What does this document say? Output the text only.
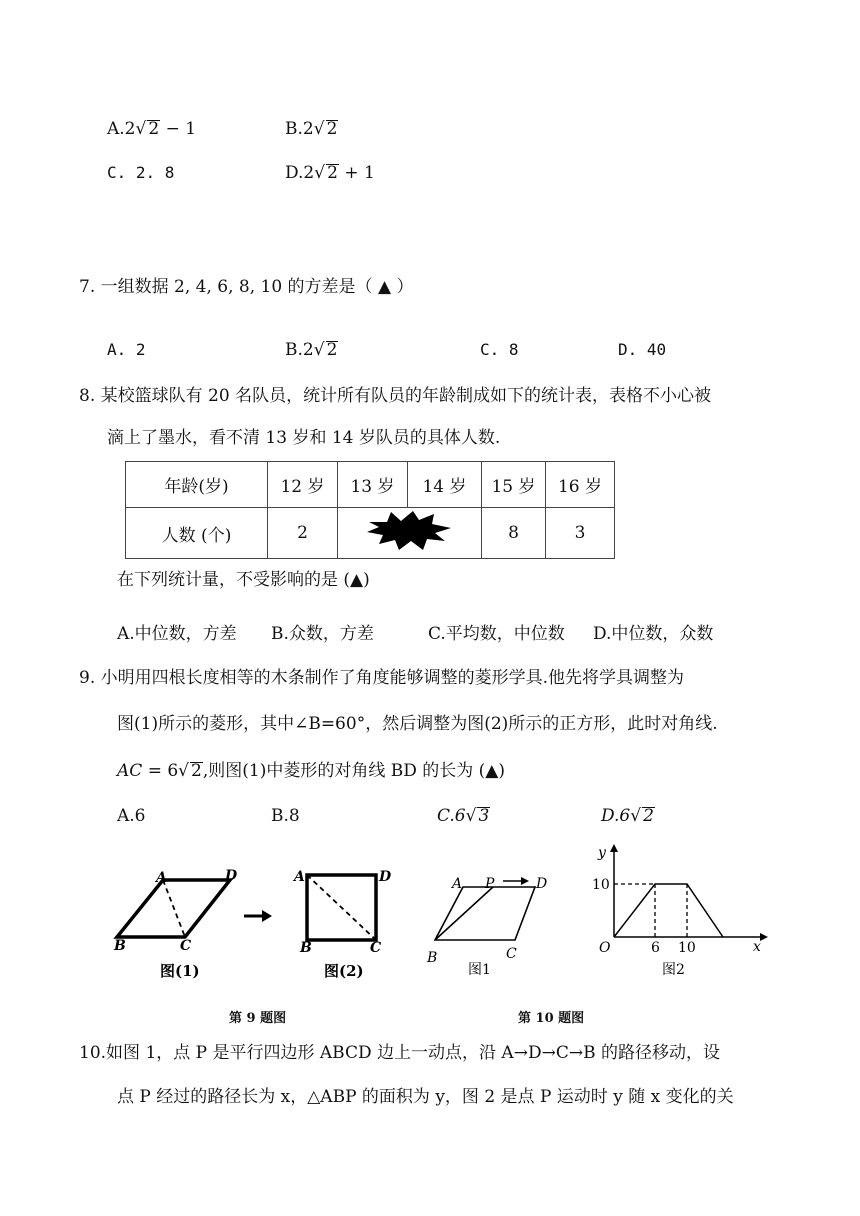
A.2√ 2 − 1	B.2√ 2
C. 2. 8	D.2√ 2 + 1
7. 一组数据 2, 4, 6, 8, 10 的方差是（ ▲ ）
A. 2	B.2√ 2	C. 8	D. 40
8. 某校篮球队有 20 名队员，统计所有队员的年龄制成如下的统计表，表格不小心被
滴上了墨水，看不清 13 岁和 14 岁队员的具体人数.
年龄(岁)	12 岁	13 岁	14 岁	15 岁	16 岁
人数 (个)	2			8	3
在下列统计量，不受影响的是 (▲)
A.中位数，方差 B.众数，方差	C.平均数，中位数 D.中位数，众数
9. 小明用四根长度相等的木条制作了角度能够调整的菱形学具.他先将学具调整为
图(1)所示的菱形，其中∠B=60°，然后调整为图(2)所示的正方形，此时对角线.
AC = 6√ 2,则图(1)中菱形的对角线 BD 的长为 (▲)
A.6	B.8	C.6√ 3	D.6√ 2
A	D
B	C
图(1)
A	D
B	C
图(2)
A P	D
B	C
图1
y
x
O
10
6 10
图2
第 9 题图	第 10 题图
10.如图 1，点 P 是平行四边形 ABCD 边上一动点，沿 A→D→C→B 的路径移动，设
点 P 经过的路径长为 x，△ABP 的面积为 y，图 2 是点 P 运动时 y 随 x 变化的关
